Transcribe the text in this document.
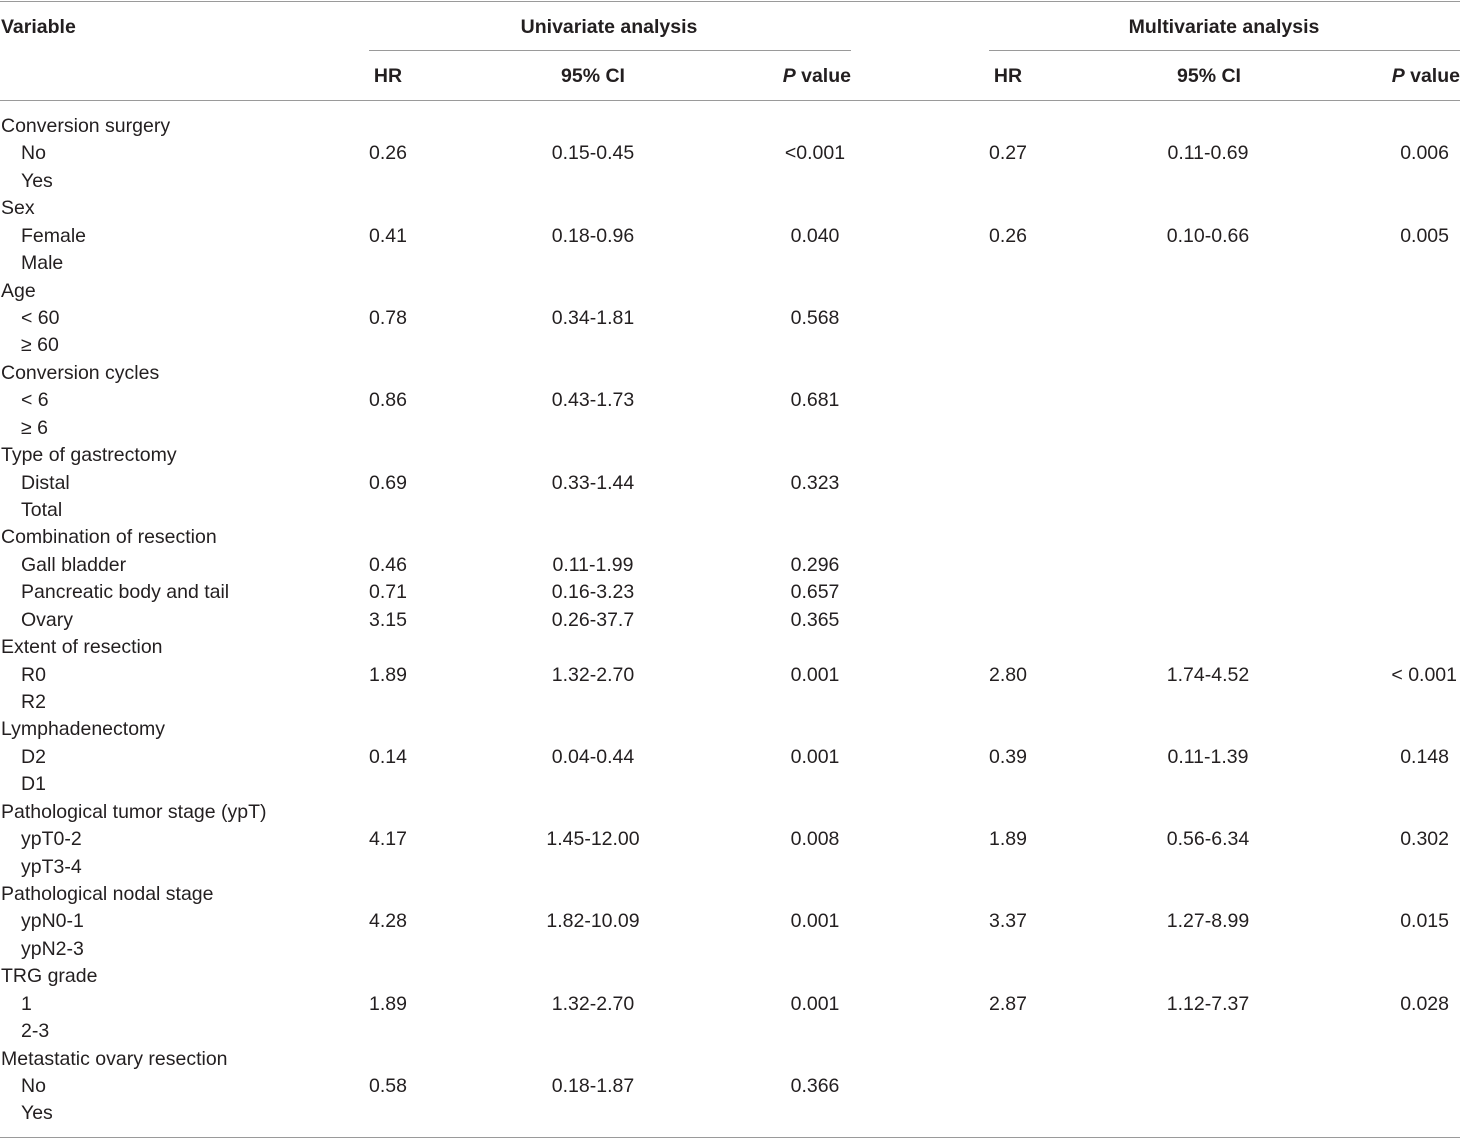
Variable	Univariate analysis	Multivariate analysis
HR	95% CI	P value	HR	95% CI	P value
Conversion surgery
No	0.26	0.15-0.45	<0.001	0.27	0.11-0.69	0.006
Yes
Sex
Female	0.41	0.18-0.96	0.040	0.26	0.10-0.66	0.005
Male
Age
< 60	0.78	0.34-1.81	0.568
≥ 60
Conversion cycles
< 6	0.86	0.43-1.73	0.681
≥ 6
Type of gastrectomy
Distal	0.69	0.33-1.44	0.323
Total
Combination of resection
Gall bladder	0.46	0.11-1.99	0.296
Pancreatic body and tail	0.71	0.16-3.23	0.657
Ovary	3.15	0.26-37.7	0.365
Extent of resection
R0	1.89	1.32-2.70	0.001	2.80	1.74-4.52	< 0.001
R2
Lymphadenectomy
D2	0.14	0.04-0.44	0.001	0.39	0.11-1.39	0.148
D1
Pathological tumor stage (ypT)
ypT0-2	4.17	1.45-12.00	0.008	1.89	0.56-6.34	0.302
ypT3-4
Pathological nodal stage
ypN0-1	4.28	1.82-10.09	0.001	3.37	1.27-8.99	0.015
ypN2-3
TRG grade
1	1.89	1.32-2.70	0.001	2.87	1.12-7.37	0.028
2-3
Metastatic ovary resection
No	0.58	0.18-1.87	0.366
Yes
